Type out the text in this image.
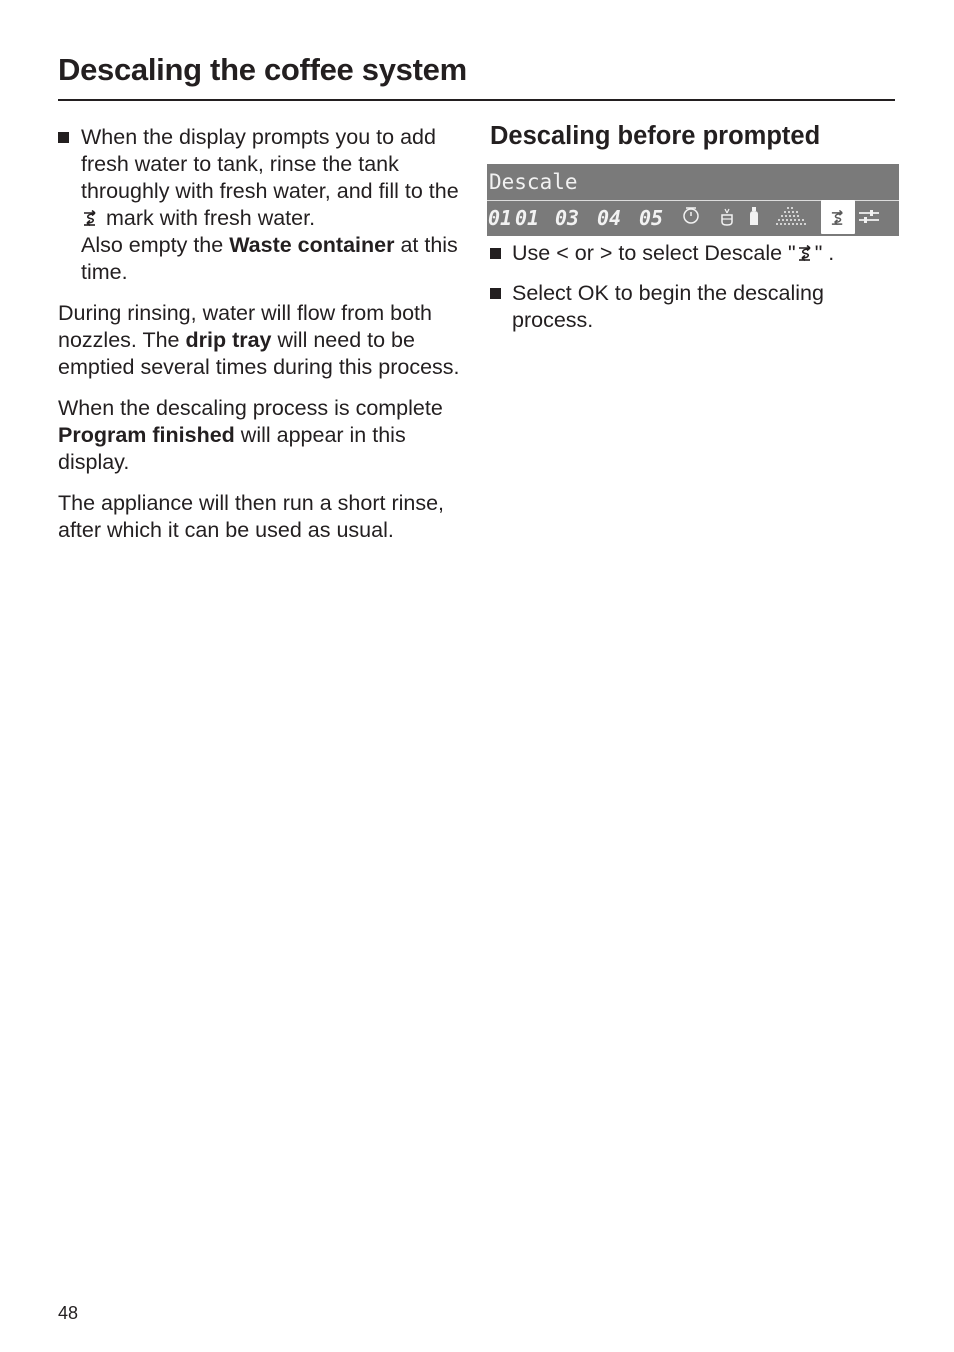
Descaling the coffee system

When the display prompts you to add fresh water to tank, rinse the tank throughly with fresh water, and fill to the  mark with fresh water.
Also empty the Waste container at this time.

During rinsing, water will flow from both nozzles. The drip tray will need to be emptied several times during this process.

When the descaling process is complete Program finished will appear in this display.

The appliance will then run a short rinse, after which it can be used as usual.

Descaling before prompted
Descale
01 01 03 04 05

Use < or > to select Descale " " .

Select OK to begin the descaling process.

48
